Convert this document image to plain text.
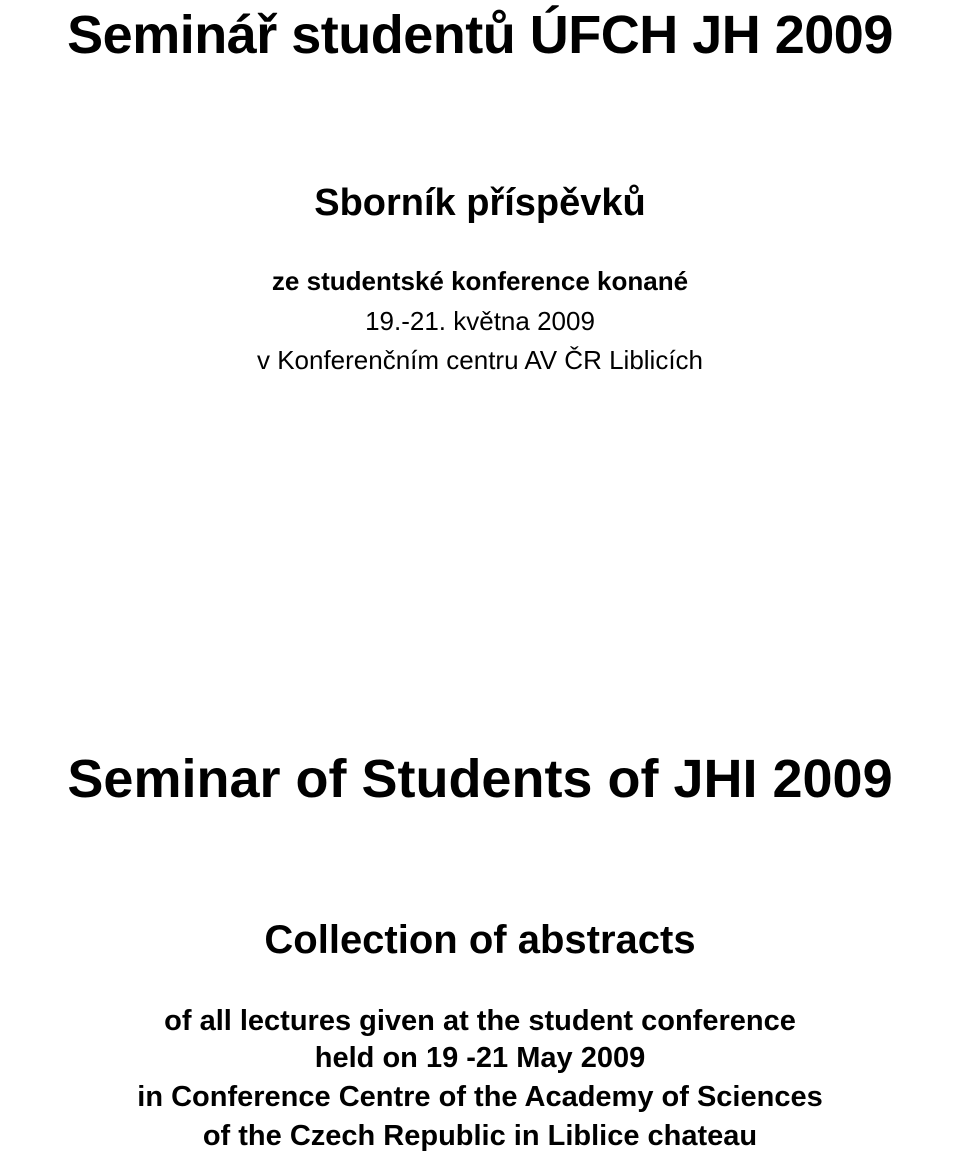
Seminář studentů ÚFCH JH 2009
Sborník příspěvků
ze studentské konference konané
19.-21. května 2009
v Konferenčním centru AV ČR Liblicích
Seminar of Students of JHI 2009
Collection of abstracts
of all lectures given at the student conference
held on 19 -21 May 2009
in Conference Centre of the Academy of Sciences
of the Czech Republic in Liblice chateau
